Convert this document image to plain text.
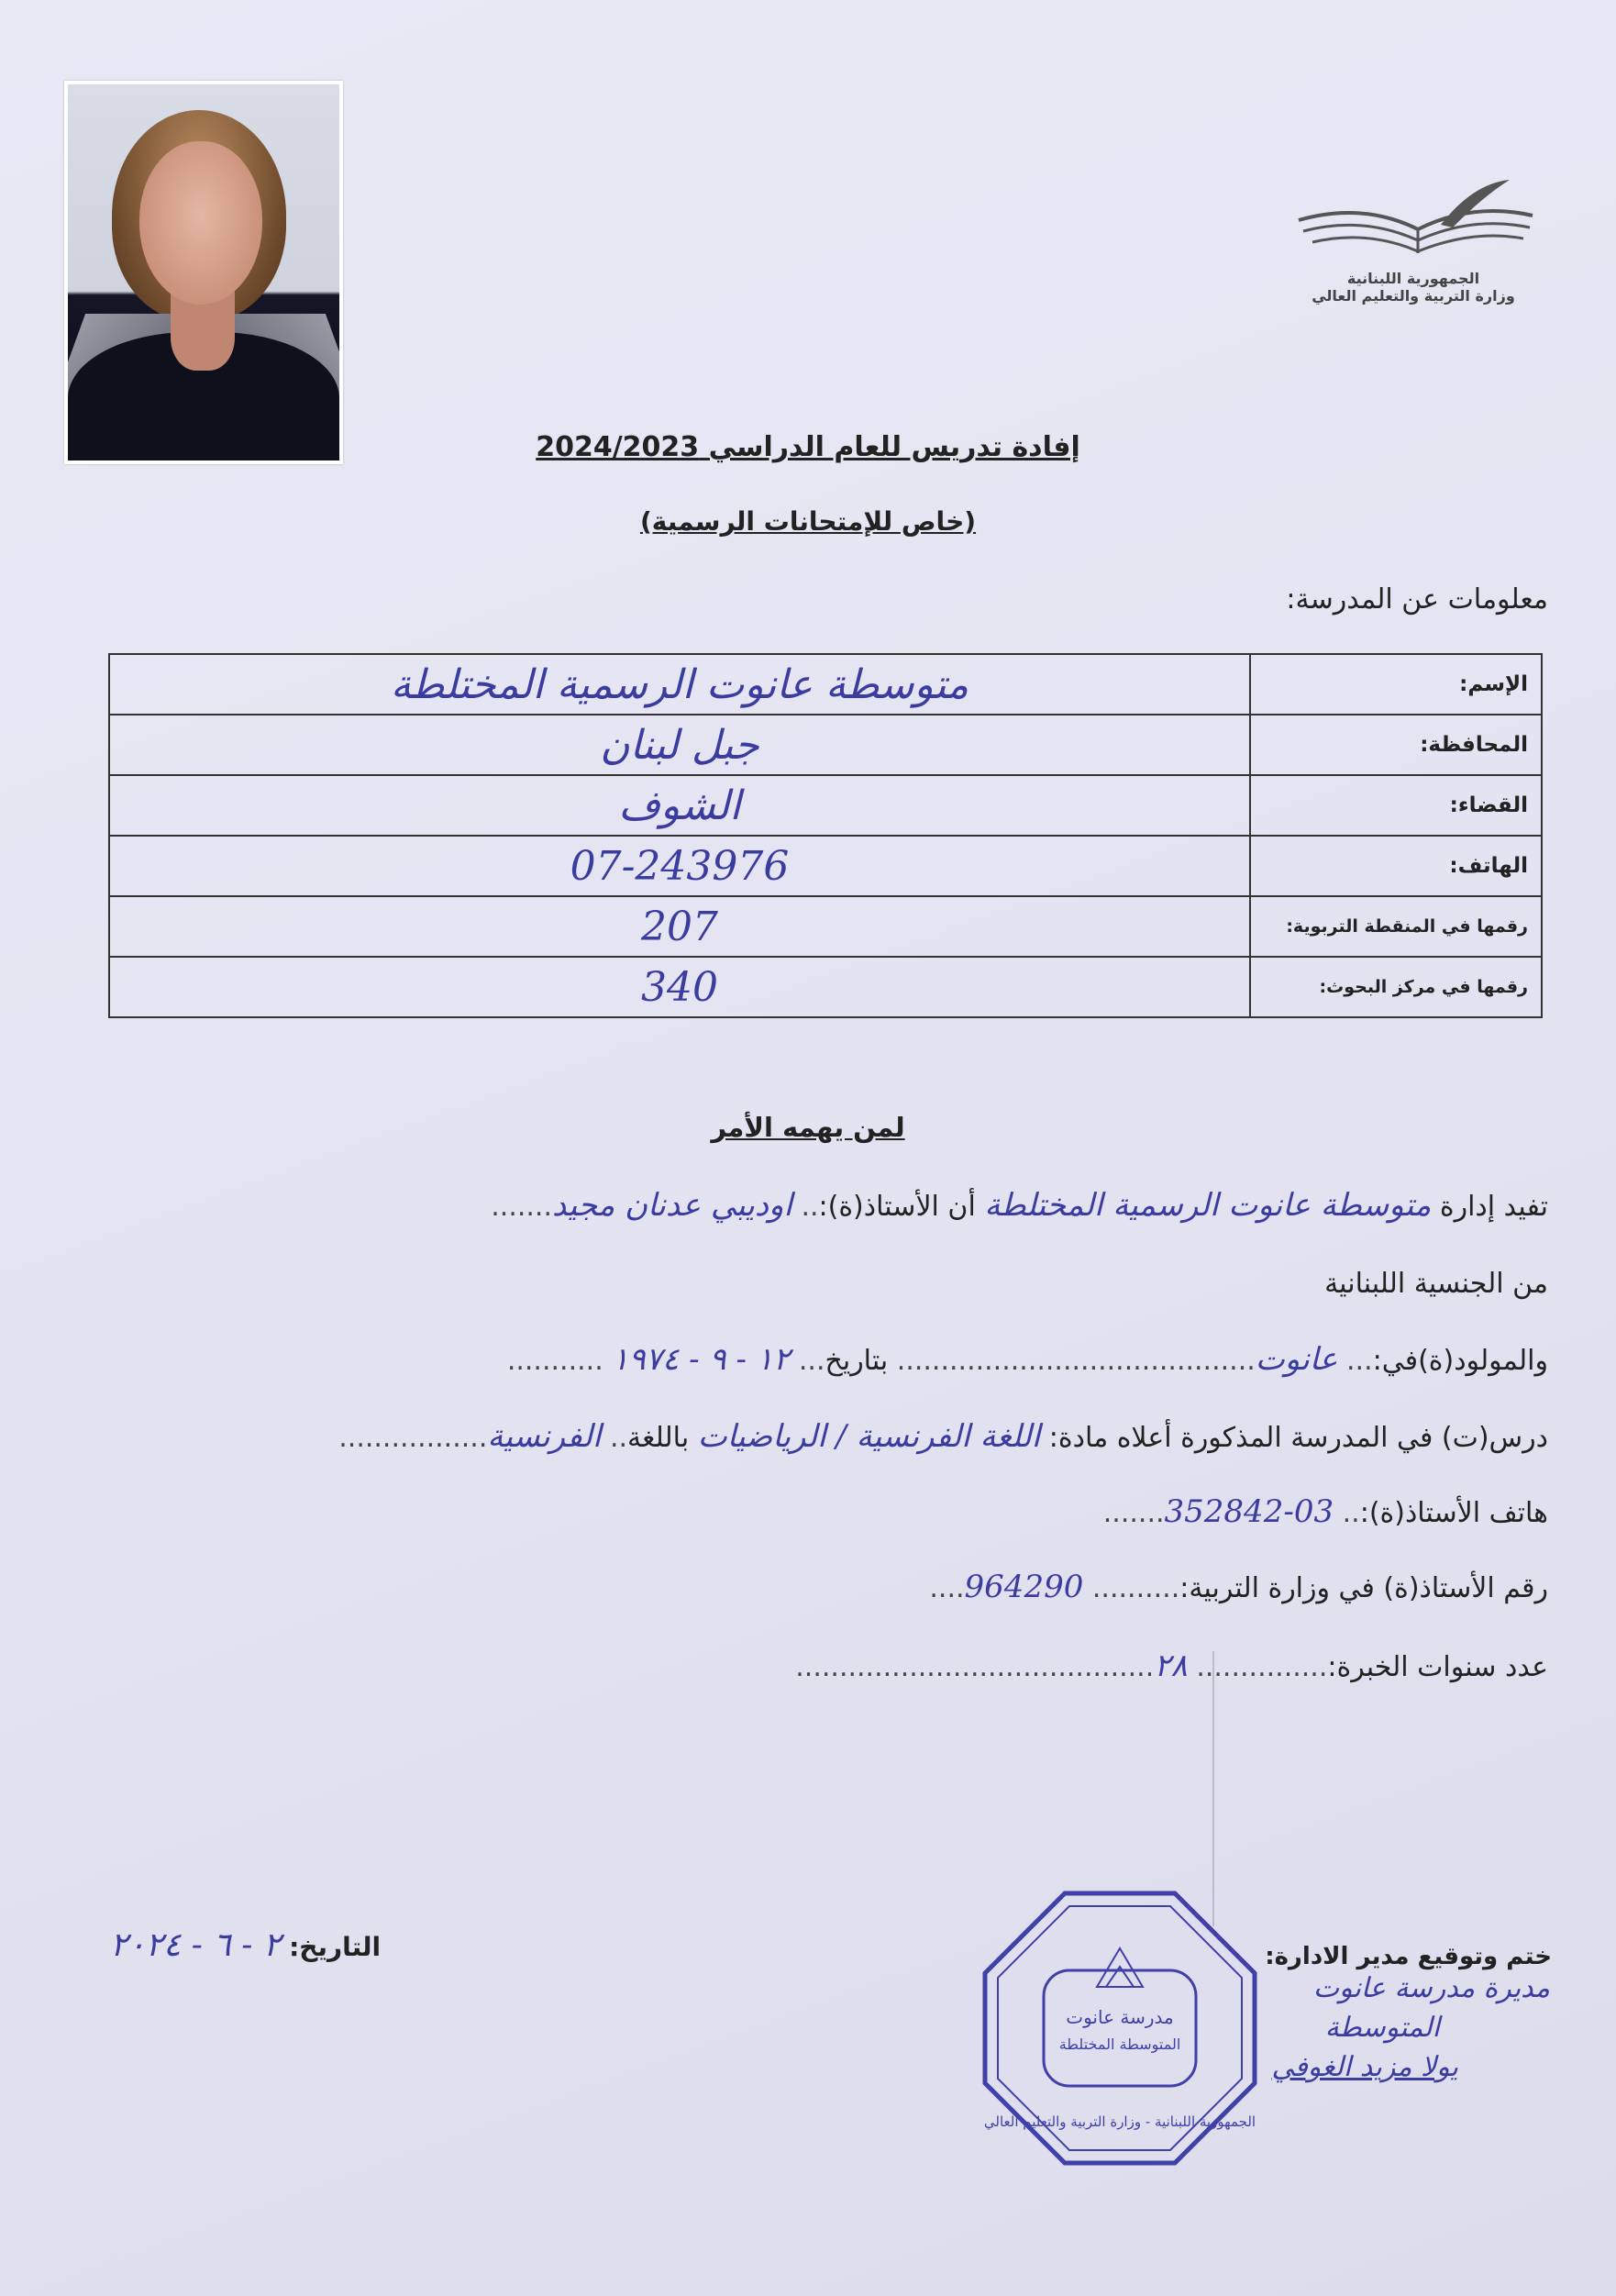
الجمهورية اللبنانية
وزارة التربية والتعليم العالي
إفادة تدريس للعام الدراسي 2024/2023
(خاص للإمتحانات الرسمية)
معلومات عن المدرسة:
الإسم:	متوسطة عانوت الرسمية المختلطة
المحافظة:	جبل لبنان
القضاء:	الشوف
الهاتف:	07-243976
رقمها في المنقطة التربوية:	207
رقمها في مركز البحوث:	340
لمن يهمه الأمر
تفيد إدارة متوسطة عانوت الرسمية المختلطة أن الأستاذ(ة):.. اوديبي عدنان مجيد.......
من الجنسية اللبنانية
والمولود(ة)في:... عانوت......................................... بتاريخ... ١٢ - ٩ - ١٩٧٤ ...........
درس(ت) في المدرسة المذكورة أعلاه مادة: اللغة الفرنسية / الرياضيات باللغة.. الفرنسية.................
هاتف الأستاذ(ة):.. 03-352842.......
رقم الأستاذ(ة) في وزارة التربية:.......... 964290....
عدد سنوات الخبرة:............... ٢٨.........................................
التاريخ: ٢ - ٦ - ٢٠٢٤	ختم وتوقيع مدير الادارة:
مديرة مدرسة عانوت
المتوسطة
يولا مزيد الغوفي
مدرسة عانوت
المتوسطة المختلطة
الجمهورية اللبنانية - وزارة التربية والتعليم العالي
